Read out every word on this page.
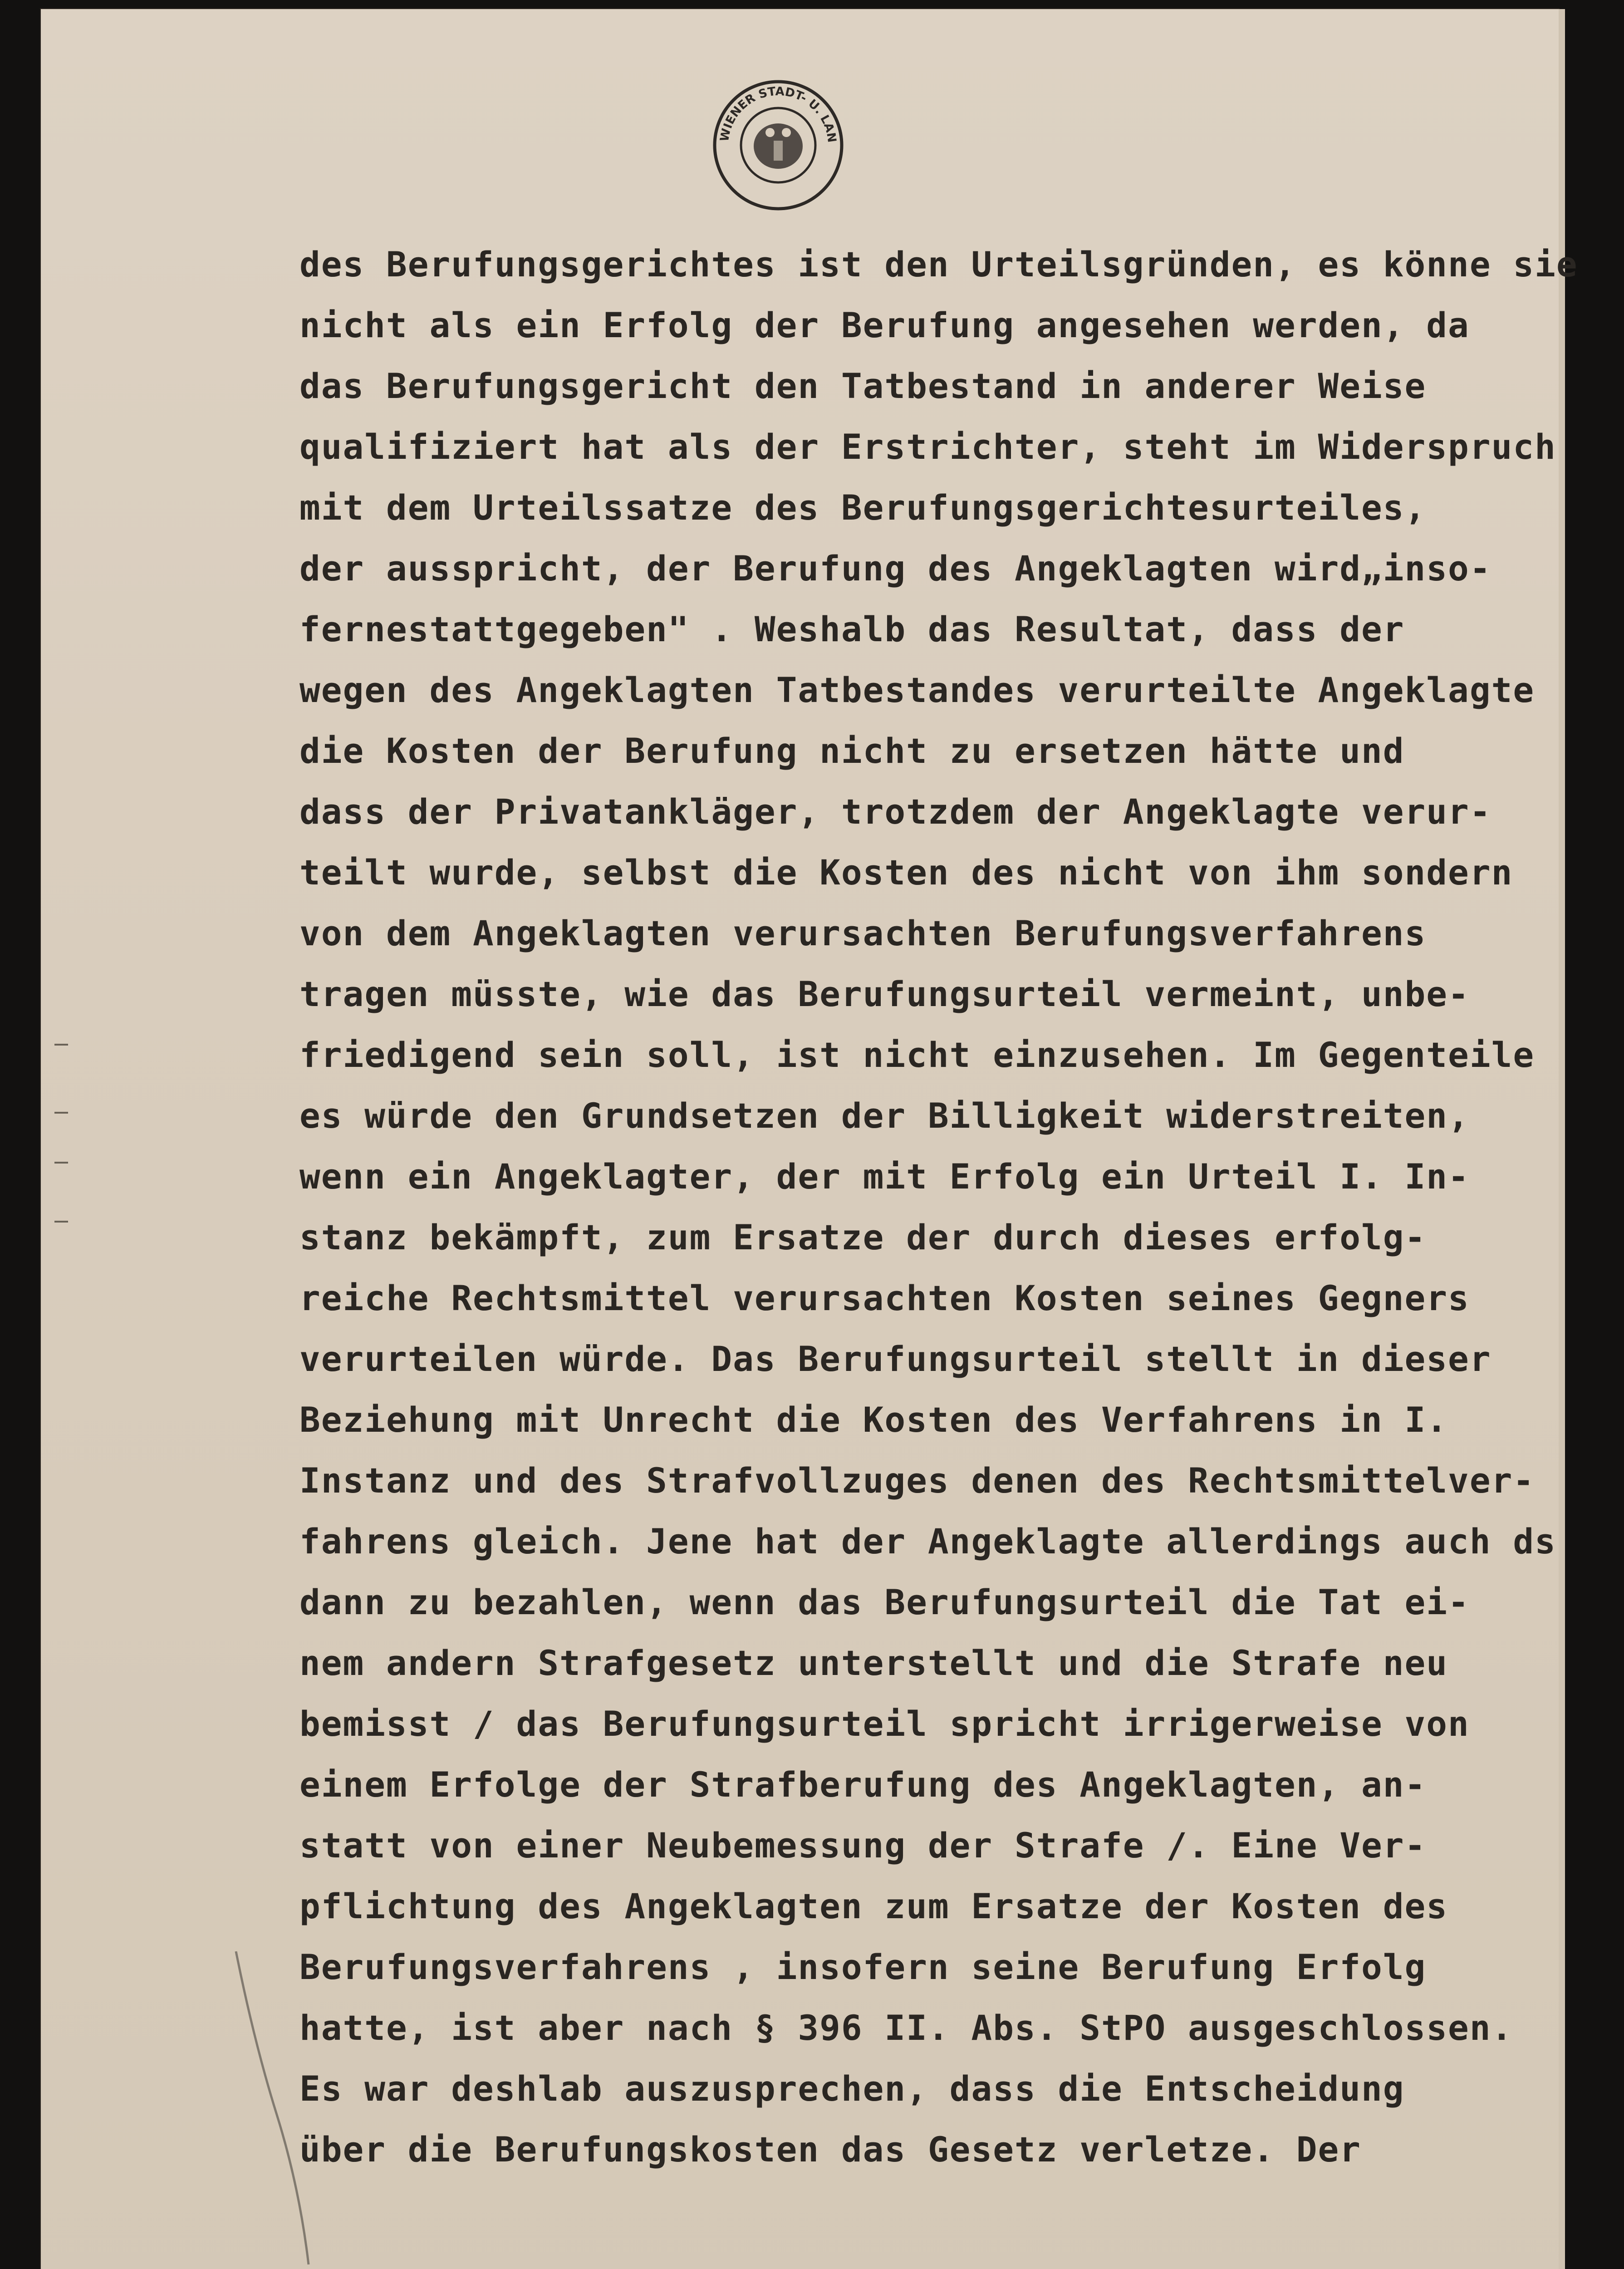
WIENER STADT- U. LAN
des Berufungsgerichtes ist den Urteilsgründen, es könne sie
nicht als ein Erfolg der Berufung angesehen werden, da
das Berufungsgericht den Tatbestand in anderer Weise
qualifiziert hat als der Erstrichter, steht im Widerspruch
mit dem Urteilssatze des Berufungsgerichtesurteiles,
der ausspricht, der Berufung des Angeklagten wird„inso-
fernestattgegeben" . Weshalb das Resultat, dass der
wegen des Angeklagten Tatbestandes verurteilte Angeklagte
die Kosten der Berufung nicht zu ersetzen hätte und
dass der Privatankläger, trotzdem der Angeklagte verur-
teilt wurde, selbst die Kosten des nicht von ihm sondern
von dem Angeklagten verursachten Berufungsverfahrens
tragen müsste, wie das Berufungsurteil vermeint, unbe-
friedigend sein soll, ist nicht einzusehen. Im Gegenteile
es würde den Grundsetzen der Billigkeit widerstreiten,
wenn ein Angeklagter, der mit Erfolg ein Urteil I. In-
stanz bekämpft, zum Ersatze der durch dieses erfolg-
reiche Rechtsmittel verursachten Kosten seines Gegners
verurteilen würde. Das Berufungsurteil stellt in dieser
Beziehung mit Unrecht die Kosten des Verfahrens in I.
Instanz und des Strafvollzuges denen des Rechtsmittelver-
fahrens gleich. Jene hat der Angeklagte allerdings auch ds
dann zu bezahlen, wenn das Berufungsurteil die Tat ei-
nem andern Strafgesetz unterstellt und die Strafe neu
bemisst / das Berufungsurteil spricht irrigerweise von
einem Erfolge der Strafberufung des Angeklagten, an-
statt von einer Neubemessung der Strafe /. Eine Ver-
pflichtung des Angeklagten zum Ersatze der Kosten des
Berufungsverfahrens , insofern seine Berufung Erfolg
hatte, ist aber nach § 396 II. Abs. StPO ausgeschlossen.
Es war deshlab auszusprechen, dass die Entscheidung
über die Berufungskosten das Gesetz verletze. Der
